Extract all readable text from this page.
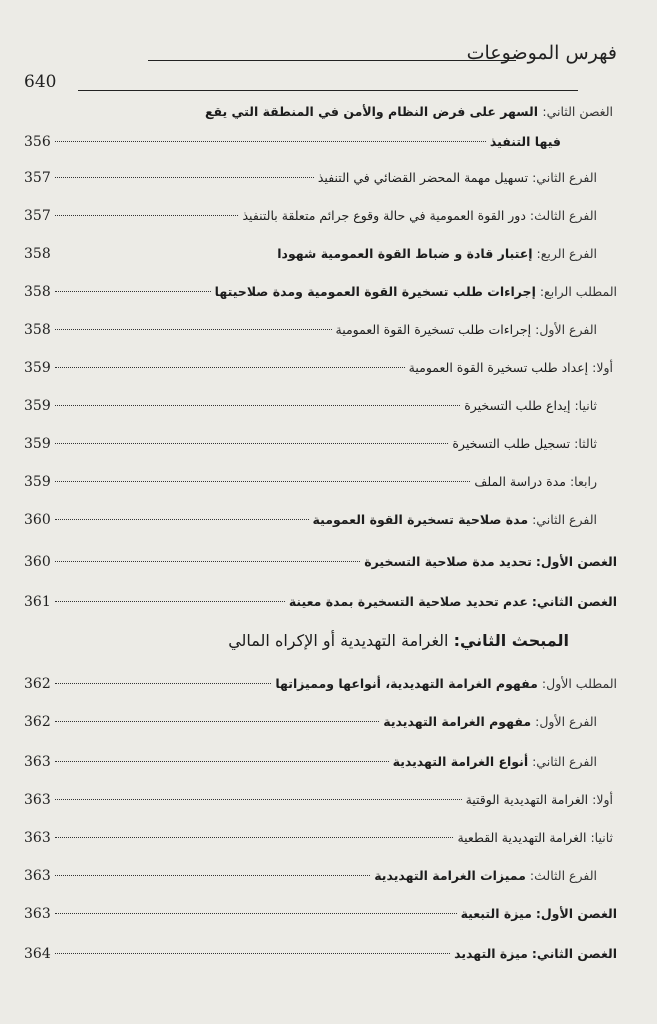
فهرس الموضوعات
640
الغصن الثاني: السهر على فرض النظام والأمن في المنطقة التي يقع
فيها التنفيذ
356
الفرع الثاني: تسهيل مهمة المحضر القضائي في التنفيذ
357
الفرع الثالث: دور القوة العمومية في حالة وقوع جرائم متعلقة بالتنفيذ
357
الفرع الربع: إعتبار قادة و ضباط القوة العمومية شهودا
358
المطلب الرابع: إجراءات طلب تسخيرة القوة العمومية ومدة صلاحيتها
358
الفرع الأول: إجراءات طلب تسخيرة القوة العمومية
358
أولا: إعداد طلب تسخيرة القوة العمومية
359
ثانيا: إيداع طلب التسخيرة
359
ثالثا: تسجيل طلب التسخيرة
359
رابعا: مدة دراسة الملف
359
الفرع الثاني: مدة صلاحية تسخيرة القوة العمومية
360
الغصن الأول: تحديد مدة صلاحية التسخيرة
360
الغصن الثاني: عدم تحديد صلاحية التسخيرة بمدة معينة
361
المبحث الثاني: الغرامة التهديدية أو الإكراه المالي
المطلب الأول: مفهوم الغرامة التهديدية، أنواعها ومميزاتها
362
الفرع الأول: مفهوم الغرامة التهديدية
362
الفرع الثاني: أنواع الغرامة التهديدية
363
أولا: الغرامة التهديدية الوقتية
363
ثانيا: الغرامة التهديدية القطعية
363
الفرع الثالث: مميزات الغرامة التهديدية
363
الغصن الأول: ميزة التبعية
363
الغصن الثاني: ميزة التهديد
364
